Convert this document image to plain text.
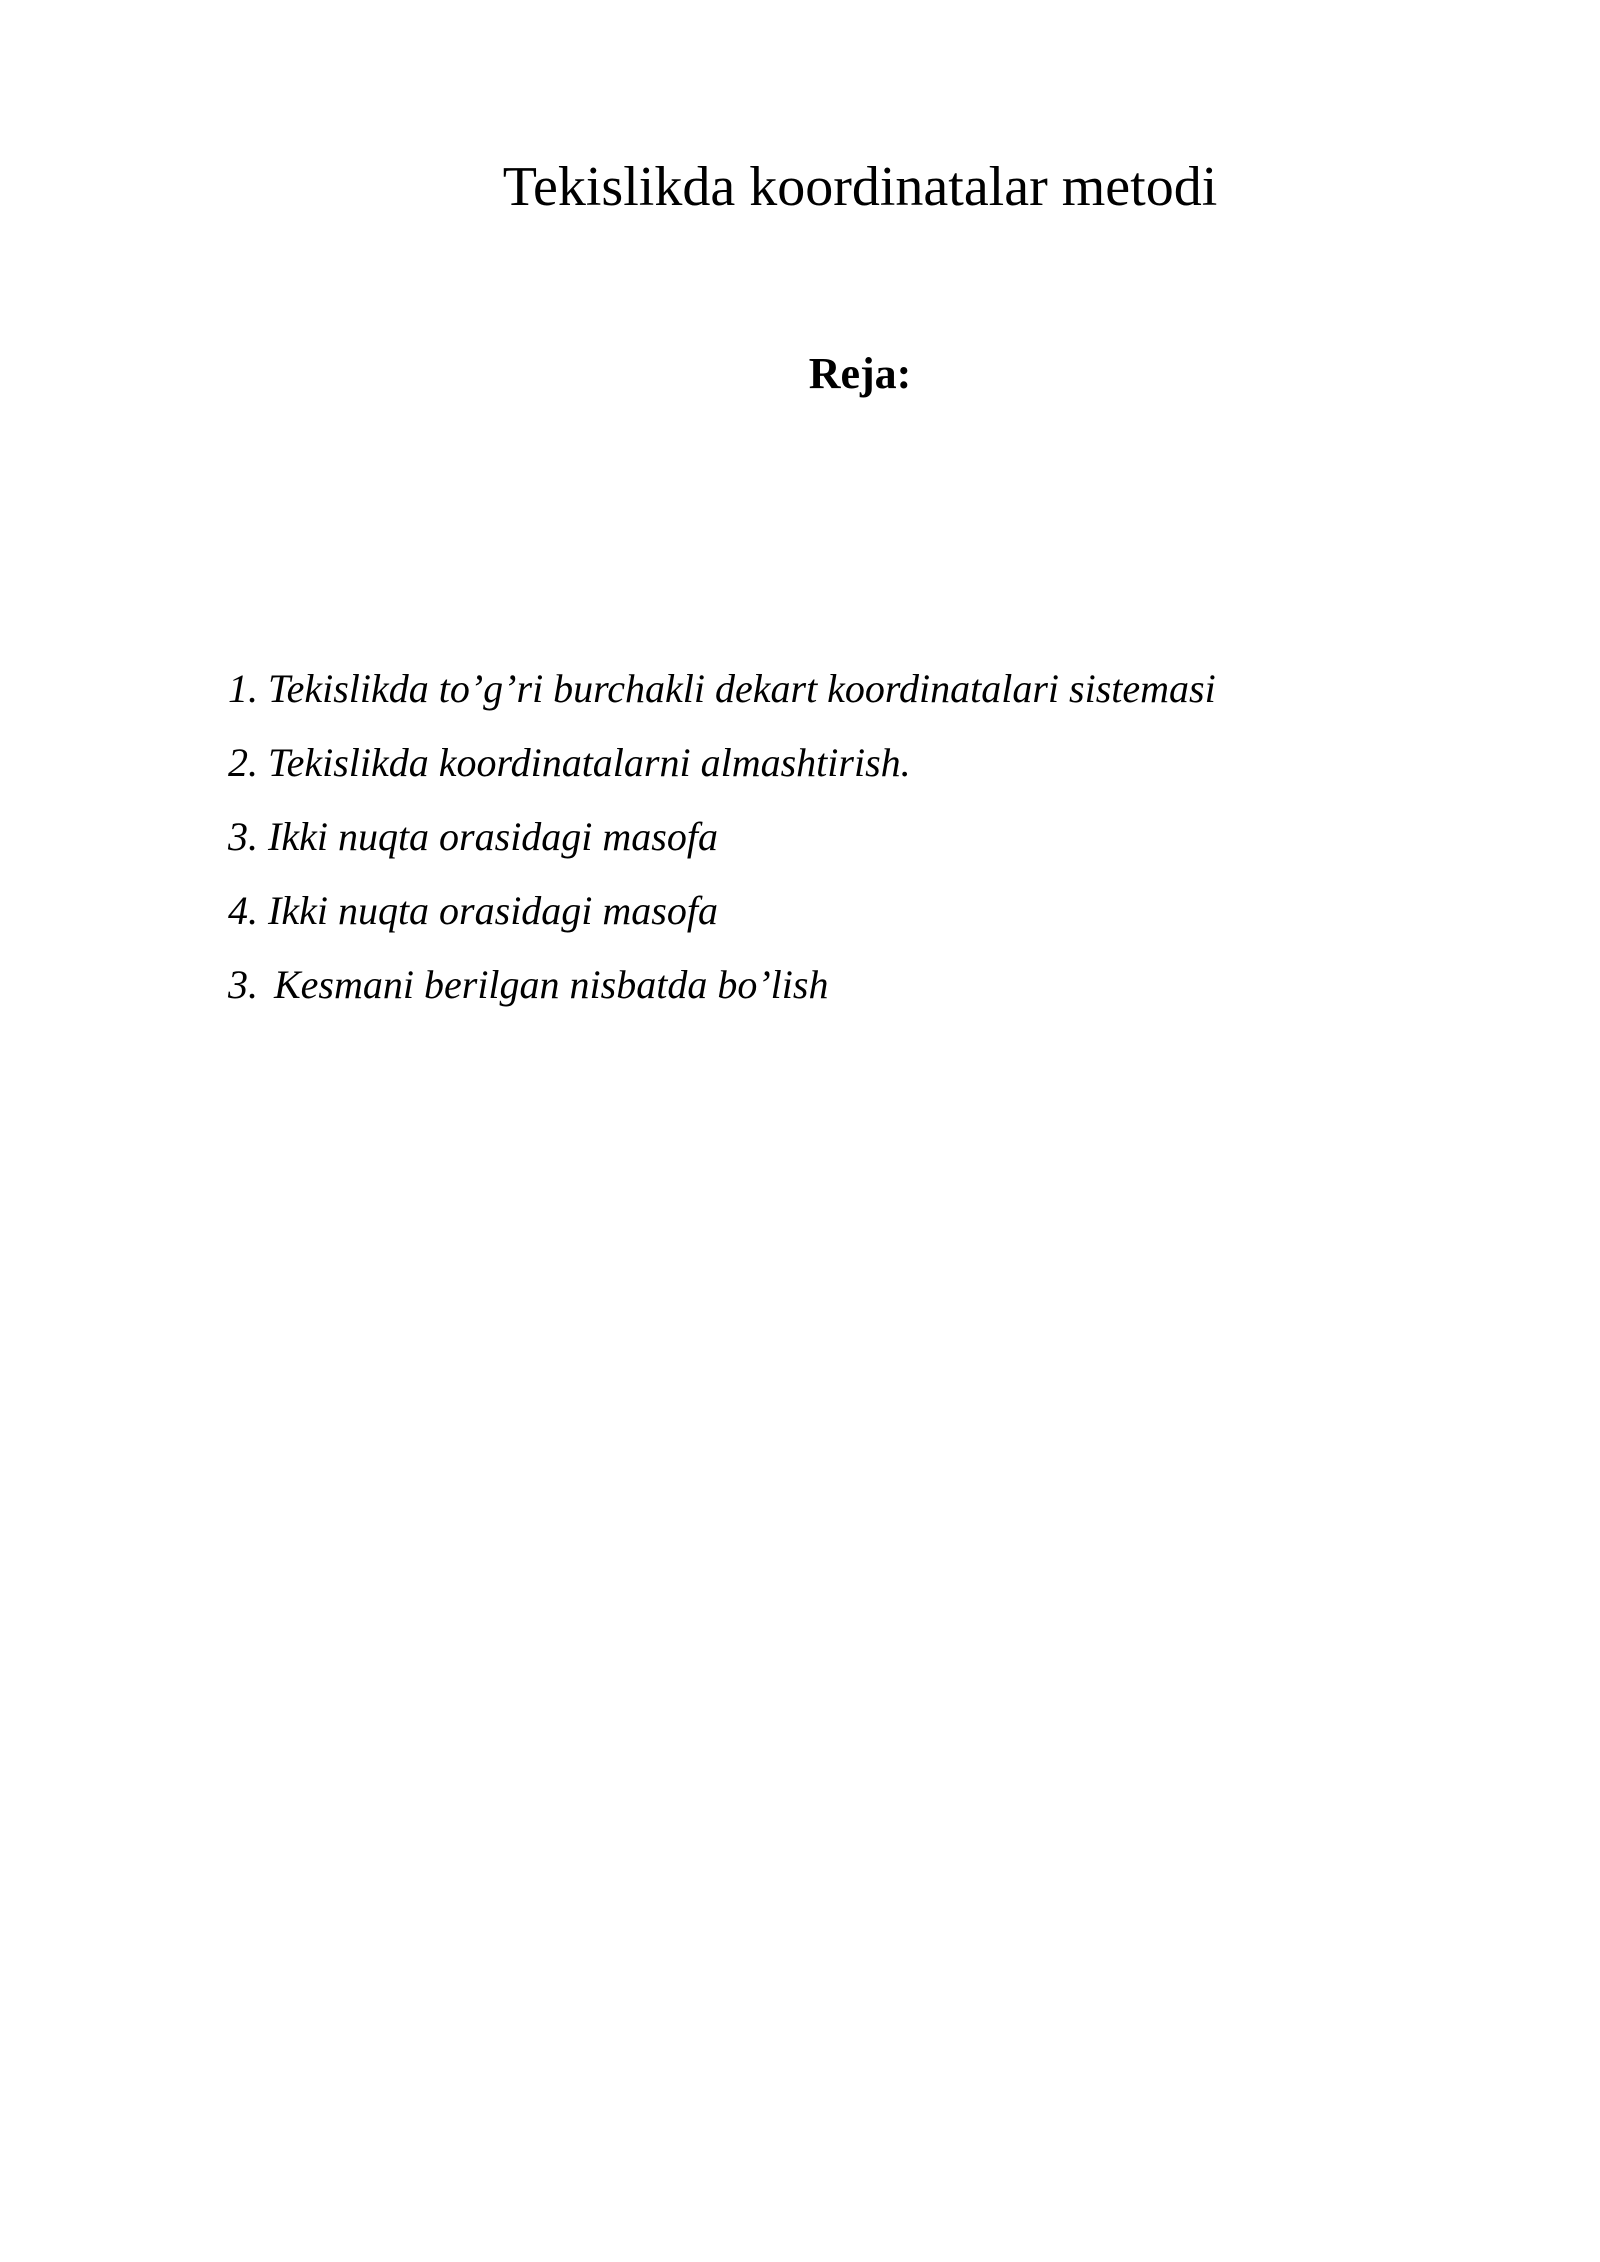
Tekislikda koordinatalar metodi
Reja:
1. Tekislikda to’g’ri burchakli dekart koordinatalari sistemasi
2. Tekislikda koordinatalarni almashtirish.
3. Ikki nuqta orasidagi masofa
4. Ikki nuqta orasidagi masofa
3. Kesmani berilgan nisbatda bo’lish
